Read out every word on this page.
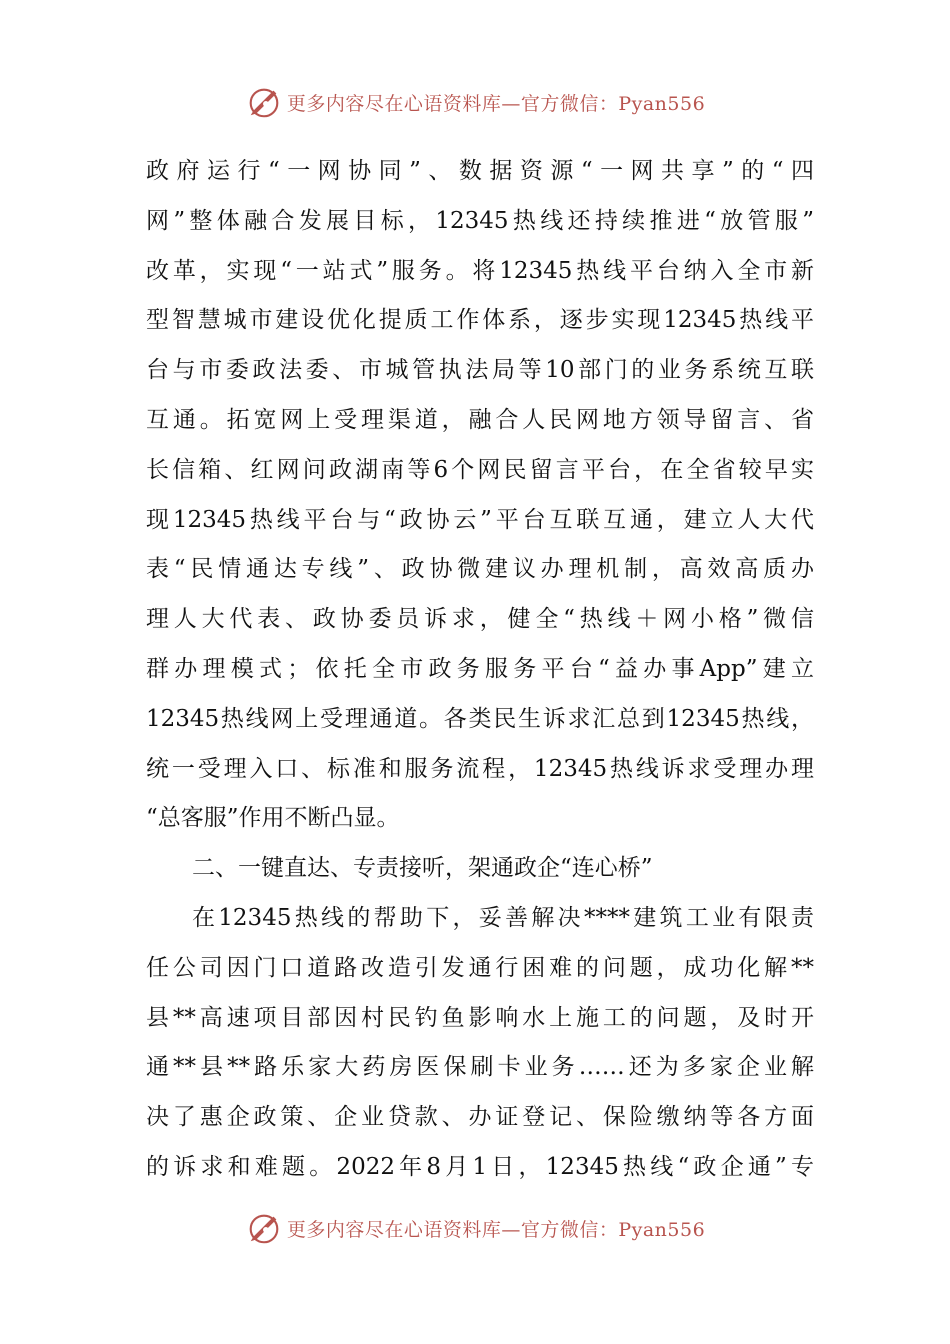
更多内容尽在心语资料库—官方微信：Pyan556
政府运行“一网协同”、数据资源“一网共享”的“四
网”整体融合发展目标，12345热线还持续推进“放管服”
改革，实现“一站式”服务。将12345热线平台纳入全市新
型智慧城市建设优化提质工作体系，逐步实现12345热线平
台与市委政法委、市城管执法局等10部门的业务系统互联
互通。拓宽网上受理渠道，融合人民网地方领导留言、省
长信箱、红网问政湖南等6个网民留言平台，在全省较早实
现12345热线平台与“政协云”平台互联互通，建立人大代
表“民情通达专线”、政协微建议办理机制，高效高质办
理人大代表、政协委员诉求，健全“热线＋网小格”微信
群办理模式；依托全市政务服务平台“益办事App”建立
12345热线网上受理通道。各类民生诉求汇总到12345热线，
统一受理入口、标准和服务流程，12345热线诉求受理办理
“总客服”作用不断凸显。
二、一键直达、专责接听，架通政企“连心桥”
在12345热线的帮助下，妥善解决****建筑工业有限责
任公司因门口道路改造引发通行困难的问题，成功化解**
县**高速项目部因村民钓鱼影响水上施工的问题，及时开
通**县**路乐家大药房医保刷卡业务……还为多家企业解
决了惠企政策、企业贷款、办证登记、保险缴纳等各方面
的诉求和难题。2022年8月1日，12345热线“政企通”专
更多内容尽在心语资料库—官方微信：Pyan556
